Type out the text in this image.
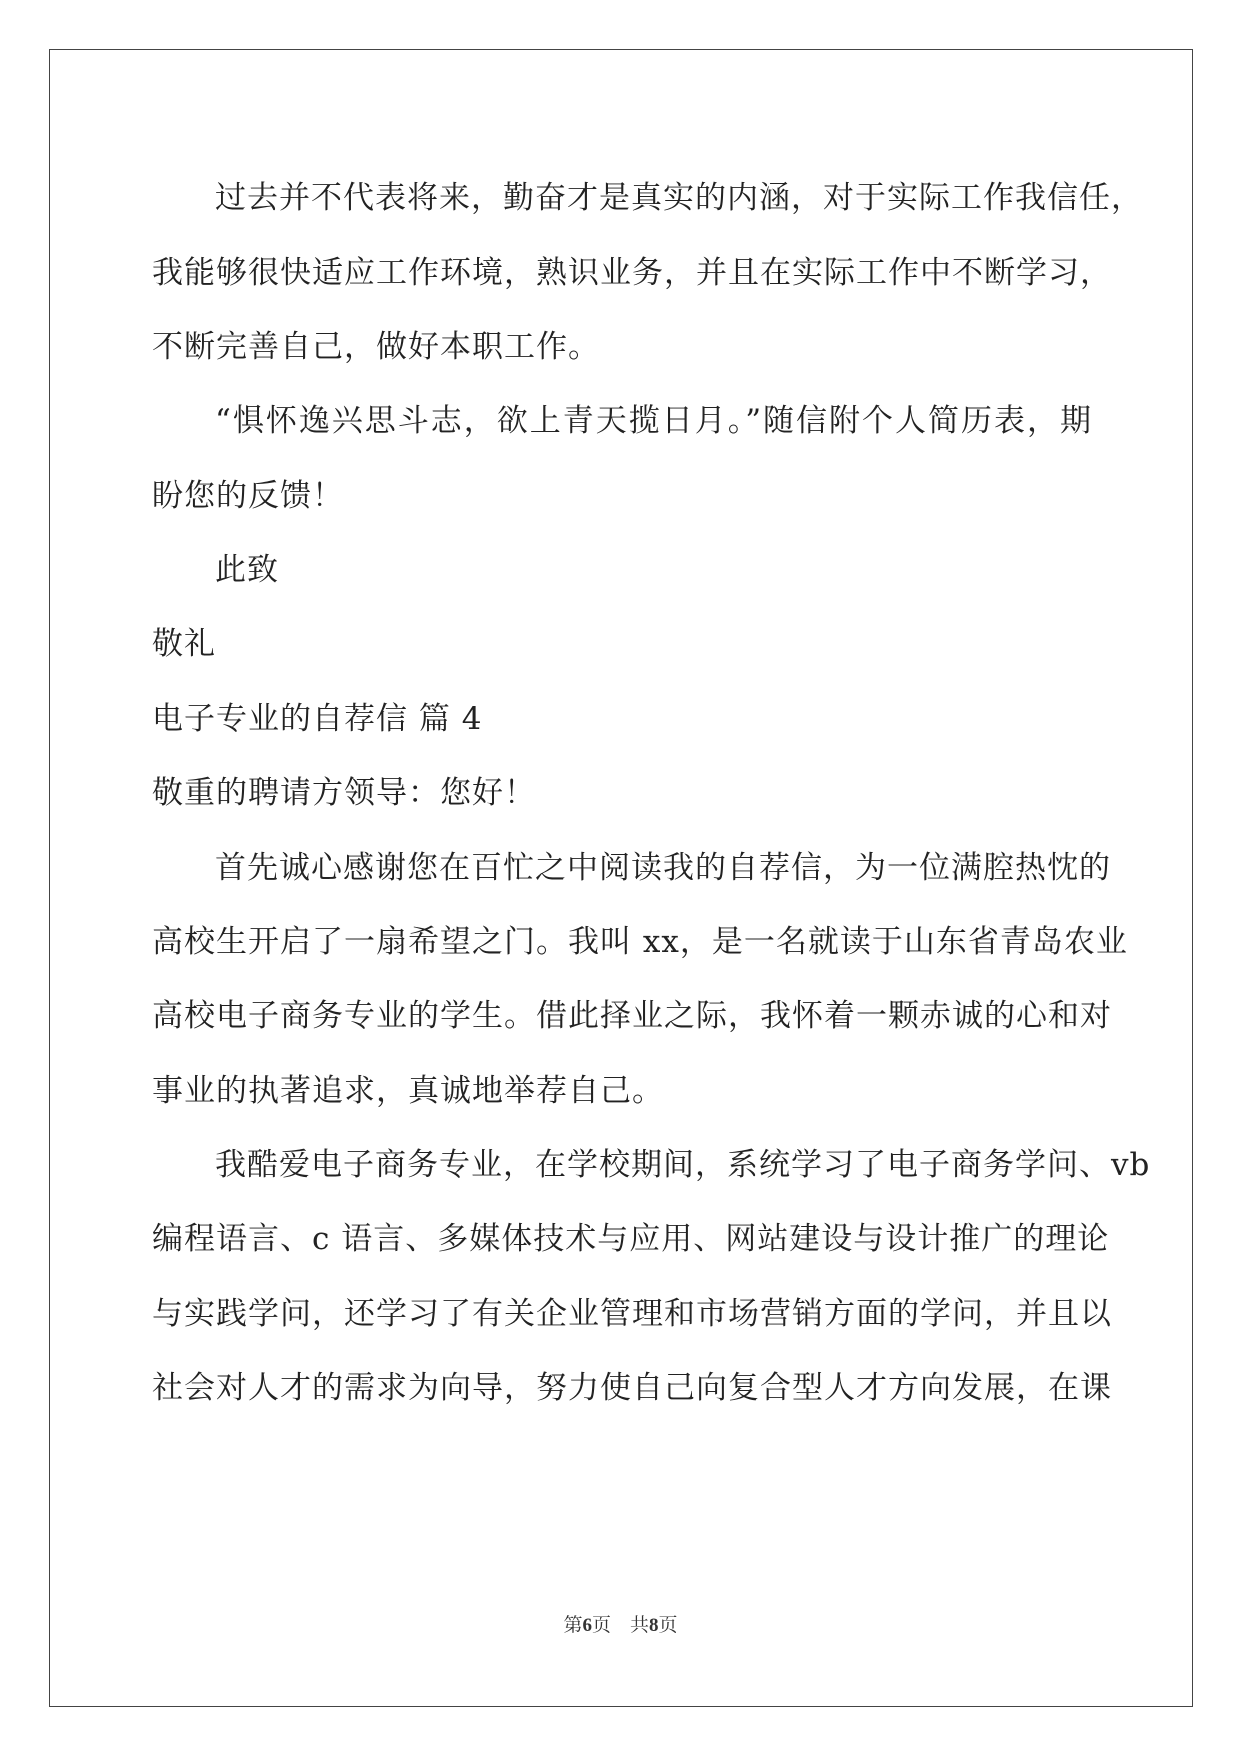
过去并不代表将来，勤奋才是真实的内涵，对于实际工作我信任，
我能够很快适应工作环境，熟识业务，并且在实际工作中不断学习，
不断完善自己，做好本职工作。
“惧怀逸兴思斗志，欲上青天揽日月。”随信附个人简历表，期
盼您的反馈！
此致
敬礼
电子专业的自荐信 篇 4
敬重的聘请方领导：您好！
首先诚心感谢您在百忙之中阅读我的自荐信，为一位满腔热忱的
高校生开启了一扇希望之门。我叫 xx，是一名就读于山东省青岛农业
高校电子商务专业的学生。借此择业之际，我怀着一颗赤诚的心和对
事业的执著追求，真诚地举荐自己。
我酷爱电子商务专业，在学校期间，系统学习了电子商务学问、vb
编程语言、c 语言、多媒体技术与应用、网站建设与设计推广的理论
与实践学问，还学习了有关企业管理和市场营销方面的学问，并且以
社会对人才的需求为向导，努力使自己向复合型人才方向发展，在课
第6页　共8页
